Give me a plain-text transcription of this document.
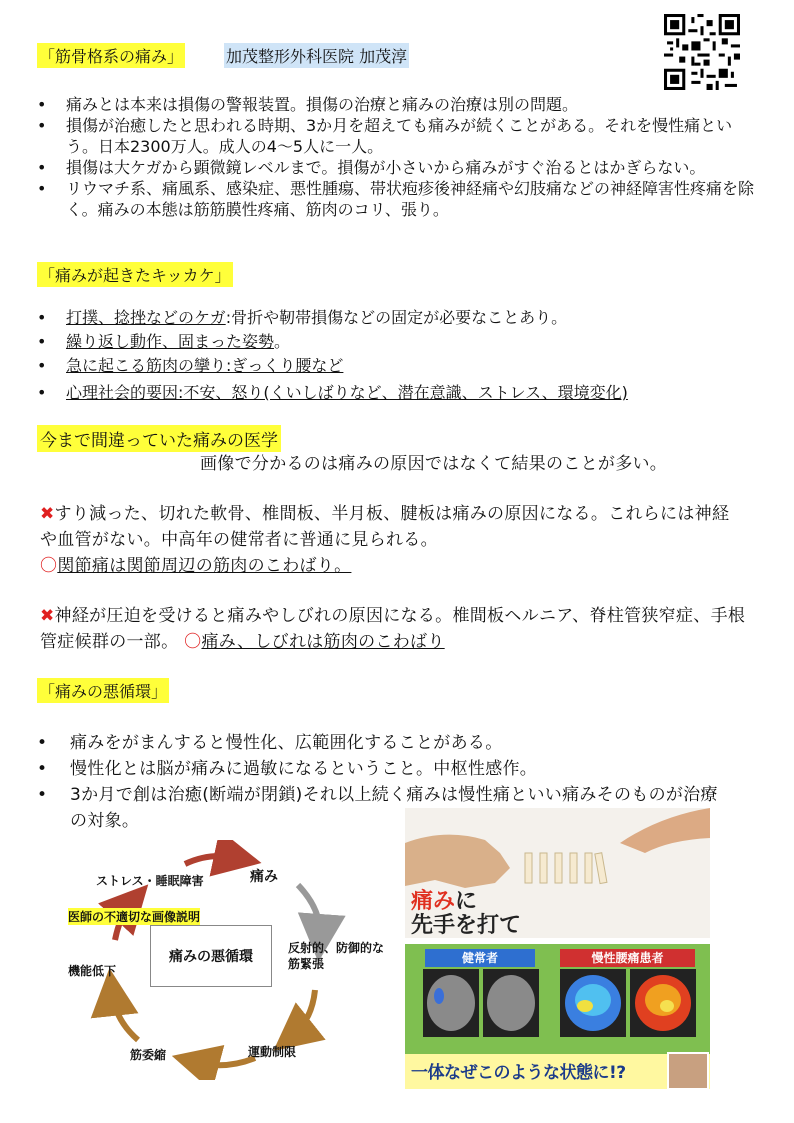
「筋骨格系の痛み」	加茂整形外科医院 加茂淳
• 痛みとは本来は損傷の警報装置。損傷の治療と痛みの治療は別の問題。
• 損傷が治癒したと思われる時期、3か月を超えても痛みが続くことがある。それを慢性痛という。日本2300万人。成人の4～5人に一人。
• 損傷は大ケガから顕微鏡レベルまで。損傷が小さいから痛みがすぐ治るとはかぎらない。
• リウマチ系、痛風系、感染症、悪性腫瘍、帯状疱疹後神経痛や幻肢痛などの神経障害性疼痛を除く。痛みの本態は筋筋膜性疼痛、筋肉のコリ、張り。
「痛みが起きたキッカケ」
• 打撲、捻挫などのケガ:骨折や靭帯損傷などの固定が必要なことあり。
• 繰り返し動作、固まった姿勢。
• 急に起こる筋肉の攣り:ぎっくり腰など
• 心理社会的要因:不安、怒り(くいしばりなど、潜在意識、ストレス、環境変化)
今まで間違っていた痛みの医学
画像で分かるのは痛みの原因ではなくて結果のことが多い。
✖すり減った、切れた軟骨、椎間板、半月板、腱板は痛みの原因になる。これらには神経や血管がない。中高年の健常者に普通に見られる。
〇関節痛は関節周辺の筋肉のこわばり。
✖神経が圧迫を受けると痛みやしびれの原因になる。椎間板ヘルニア、脊柱管狭窄症、手根管症候群の一部。 〇痛み、しびれは筋肉のこわばり
「痛みの悪循環」
• 痛みをがまんすると慢性化、広範囲化することがある。
• 慢性化とは脳が痛みに過敏になるということ。中枢性感作。
• 3か月で創は治癒(断端が閉鎖)それ以上続く痛みは慢性痛といい痛みそのものが治療の対象。
痛みの悪循環
痛み
反射的、防御的な筋緊張
運動制限
筋委縮
機能低下
ストレス・睡眠障害
医師の不適切な画像説明
痛みに
先手を打て
健常者	慢性腰痛患者
一体なぜこのような状態に!?
